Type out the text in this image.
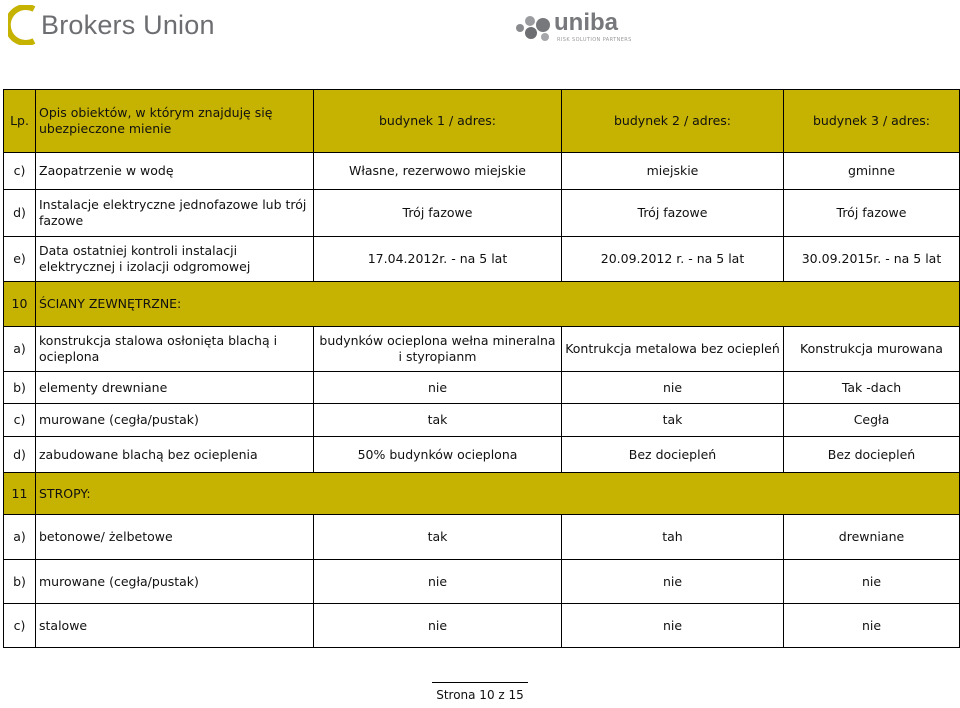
Brokers Union	uniba
RISK SOLUTION PARTNERS
Lp.	Opis obiektów, w którym znajduję się ubezpieczone mienie	budynek 1 / adres:	budynek 2 / adres:	budynek 3 / adres:
c)	Zaopatrzenie w wodę	Własne, rezerwowo miejskie	miejskie	gminne
d)	Instalacje elektryczne jednofazowe lub trój fazowe	Trój fazowe	Trój fazowe	Trój fazowe
e)	Data ostatniej kontroli instalacji elektrycznej i izolacji odgromowej	17.04.2012r. - na 5 lat	20.09.2012 r. - na 5 lat	30.09.2015r. - na 5 lat
10	ŚCIANY ZEWNĘTRZNE:			
a)	konstrukcja stalowa osłonięta blachą i ocieplona	budynków ocieplona wełna mineralna i styropianm	Kontrukcja metalowa bez ociepleń	Konstrukcja murowana
b)	elementy drewniane	nie	nie	Tak -dach
c)	murowane (cegła/pustak)	tak	tak	Cegła
d)	zabudowane blachą bez ocieplenia	50% budynków ocieplona	Bez dociepleń	Bez dociepleń
11	STROPY:			
a)	betonowe/ żelbetowe	tak	tah	drewniane
b)	murowane (cegła/pustak)	nie	nie	nie
c)	stalowe	nie	nie	nie
Strona 10 z 15
